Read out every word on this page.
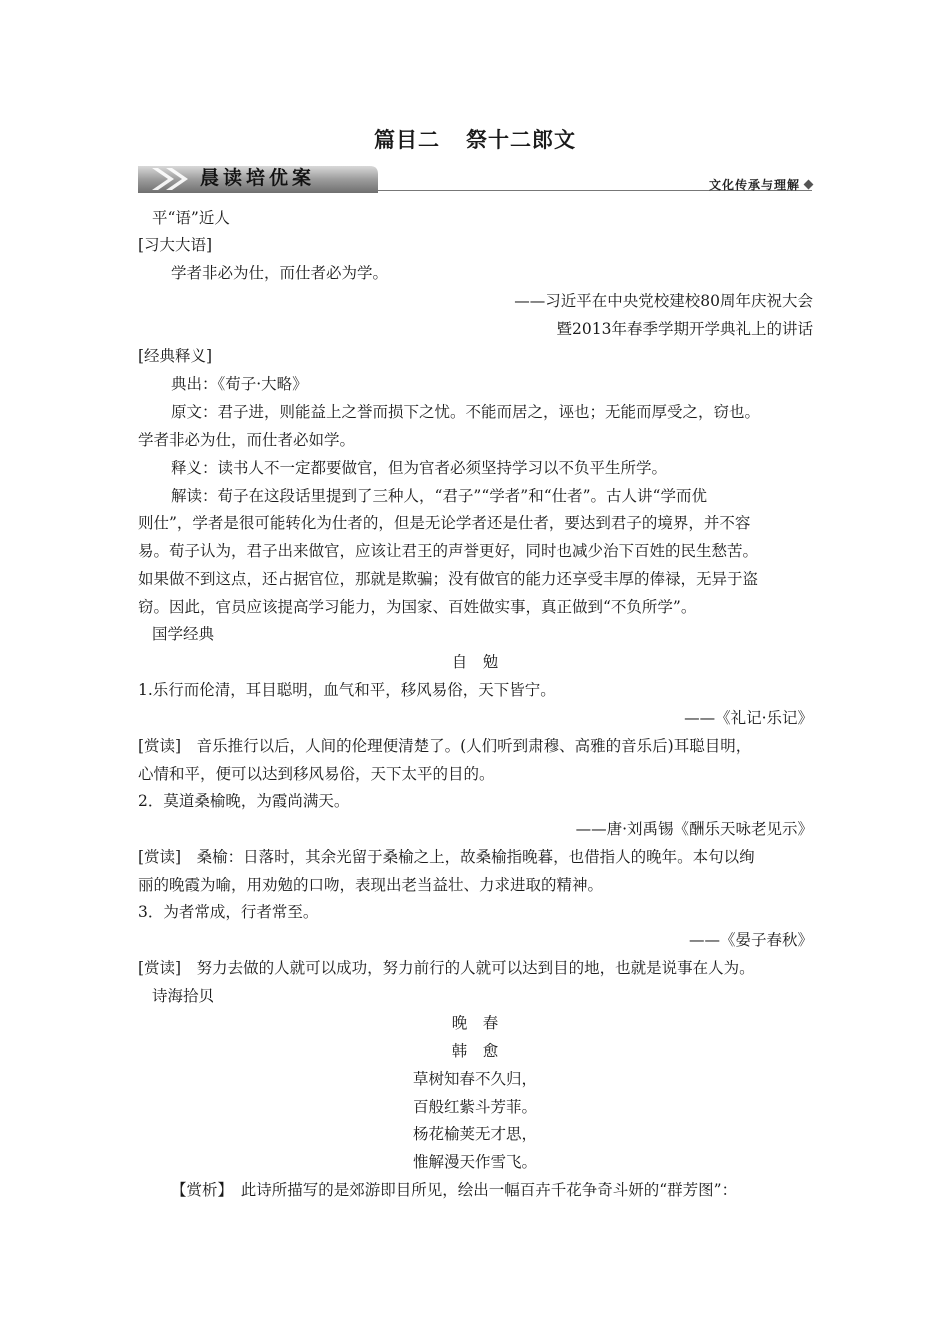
篇目二 祭十二郎文
晨读培优案	文化传承与理解
平“语”近人
[习大大语]
学者非必为仕，而仕者必为学。
——习近平在中央党校建校80周年庆祝大会
暨2013年春季学期开学典礼上的讲话
[经典释义]
典出：《荀子·大略》
原文：君子进，则能益上之誉而损下之忧。不能而居之，诬也；无能而厚受之，窃也。
学者非必为仕，而仕者必如学。
释义：读书人不一定都要做官，但为官者必须坚持学习以不负平生所学。
解读：荀子在这段话里提到了三种人，“君子”“学者”和“仕者”。古人讲“学而优
则仕”，学者是很可能转化为仕者的，但是无论学者还是仕者，要达到君子的境界，并不容
易。荀子认为，君子出来做官，应该让君王的声誉更好，同时也减少治下百姓的民生愁苦。
如果做不到这点，还占据官位，那就是欺骗；没有做官的能力还享受丰厚的俸禄，无异于盗
窃。因此，官员应该提高学习能力，为国家、百姓做实事，真正做到“不负所学”。
国学经典
自　勉
1.乐行而伦清，耳目聪明，血气和平，移风易俗，天下皆宁。
——《礼记·乐记》
[赏读]　音乐推行以后，人间的伦理便清楚了。(人们听到肃穆、高雅的音乐后)耳聪目明，
心情和平，便可以达到移风易俗，天下太平的目的。
2．莫道桑榆晚，为霞尚满天。
——唐·刘禹锡《酬乐天咏老见示》
[赏读]　桑榆：日落时，其余光留于桑榆之上，故桑榆指晚暮，也借指人的晚年。本句以绚
丽的晚霞为喻，用劝勉的口吻，表现出老当益壮、力求进取的精神。
3．为者常成，行者常至。
——《晏子春秋》
[赏读]　努力去做的人就可以成功，努力前行的人就可以达到目的地，也就是说事在人为。
诗海拾贝
晚　春
韩　愈
草树知春不久归，
百般红紫斗芳菲。
杨花榆荚无才思，
惟解漫天作雪飞。
【赏析】　此诗所描写的是郊游即目所见，绘出一幅百卉千花争奇斗妍的“群芳图”：
